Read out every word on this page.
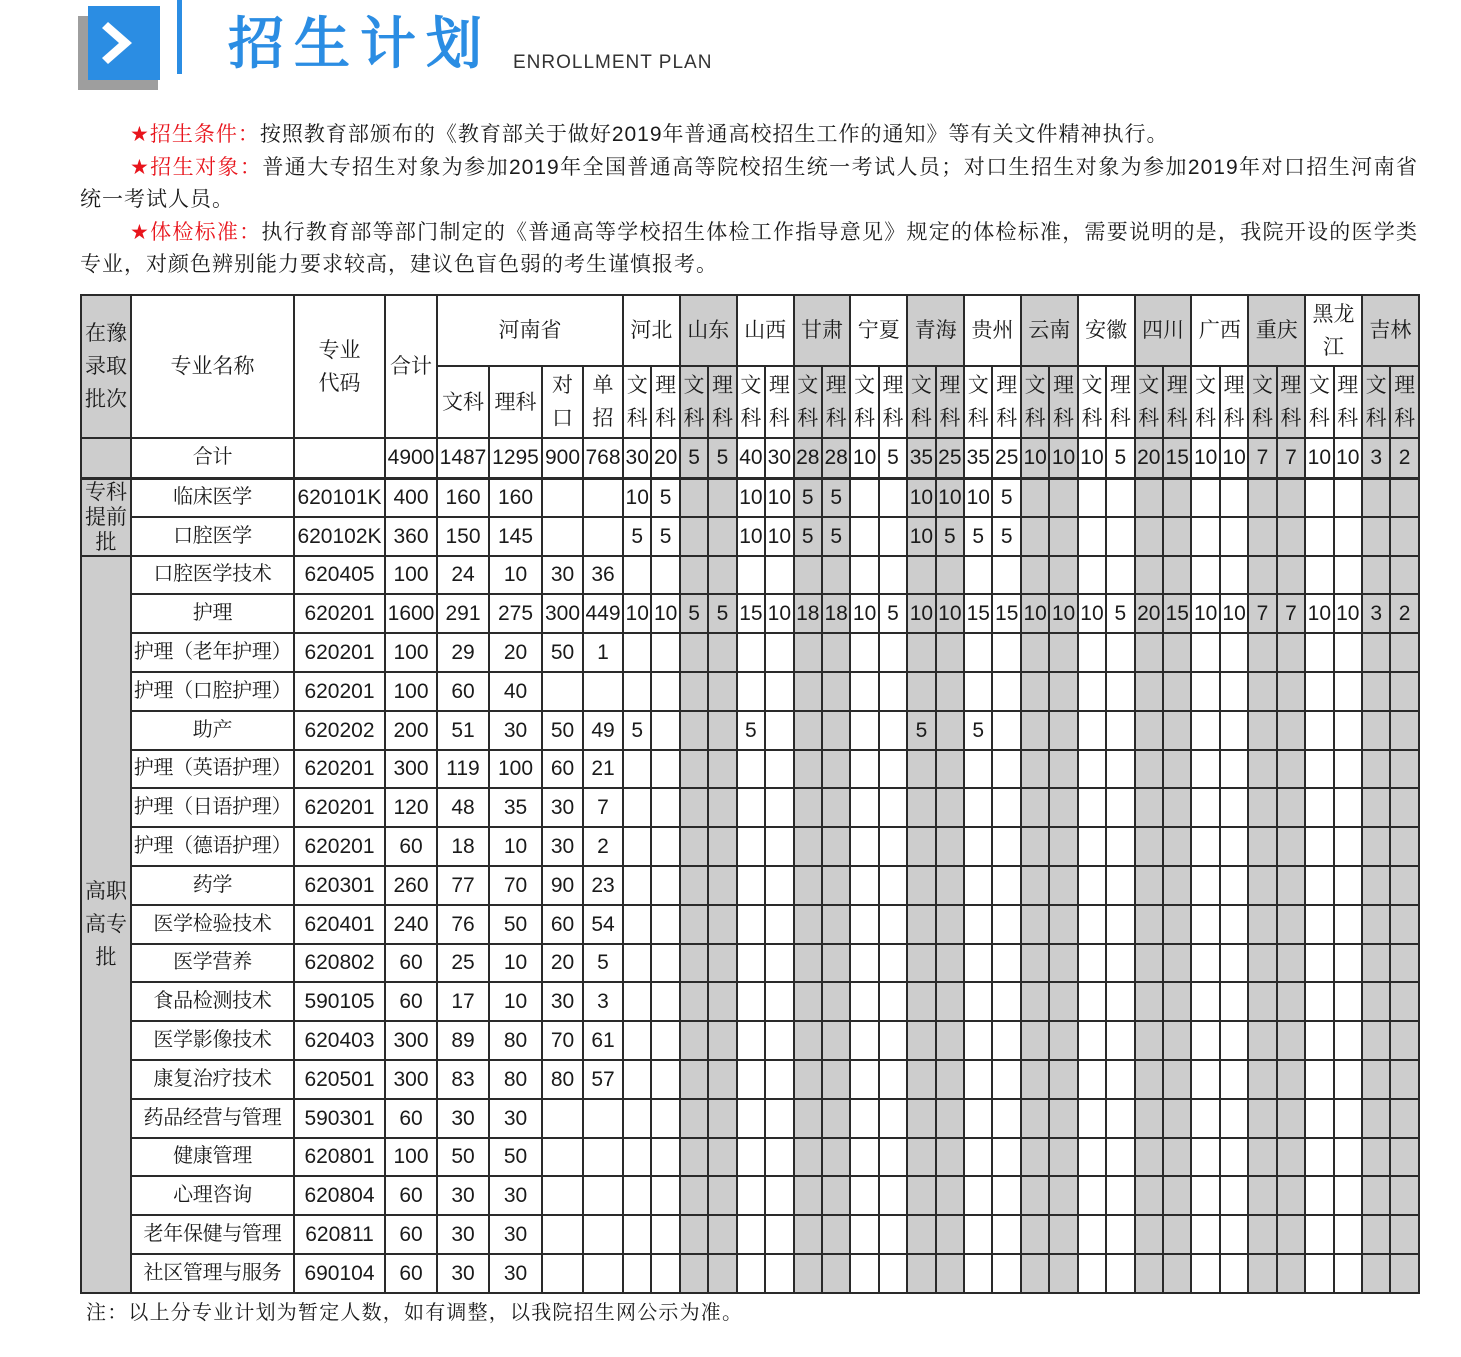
招生计划 ENROLLMENT PLAN
★招生条件：按照教育部颁布的《教育部关于做好2019年普通高校招生工作的通知》等有关文件精神执行。
★招生对象：普通大专招生对象为参加2019年全国普通高等院校招生统一考试人员；对口生招生对象为参加2019年对口招生河南省
统一考试人员。
★体检标准：执行教育部等部门制定的《普通高等学校招生体检工作指导意见》规定的体检标准，需要说明的是，我院开设的医学类
专业，对颜色辨别能力要求较高，建议色盲色弱的考生谨慎报考。
在豫录取批次	专业名称	专业代码	合计	河南省				河北		山东		山西		甘肃		宁夏		青海		贵州		云南		安徽		四川		广西		重庆		黑龙江		吉林	
				文科	理科	对口	单招	文科	理科	文科	理科	文科	理科	文科	理科	文科	理科	文科	理科	文科	理科	文科	理科	文科	理科	文科	理科	文科	理科	文科	理科	文科	理科	文科	理科
	合计		4900	1487	1295	900	768	30	20	5	5	40	30	28	28	10	5	35	25	35	25	10	10	10	5	20	15	10	10	7	7	10	10	3	2
专科提前批	临床医学	620101K	400	160	160			10	5			10	10	5	5			10	10	10	5														
	口腔医学	620102K	360	150	145			5	5			10	10	5	5			10	5	5	5														
高职高专批	口腔医学技术	620405	100	24	10	30	36																												
	护理	620201	1600	291	275	300	449	10	10	5	5	15	10	18	18	10	5	10	10	15	15	10	10	10	5	20	15	10	10	7	7	10	10	3	2
	护理（老年护理）	620201	100	29	20	50	1																												
	护理（口腔护理）	620201	100	60	40																														
	助产	620202	200	51	30	50	49	5				5						5		5															
	护理（英语护理）	620201	300	119	100	60	21																												
	护理（日语护理）	620201	120	48	35	30	7																												
	护理（德语护理）	620201	60	18	10	30	2																												
	药学	620301	260	77	70	90	23																												
	医学检验技术	620401	240	76	50	60	54																												
	医学营养	620802	60	25	10	20	5																												
	食品检测技术	590105	60	17	10	30	3																												
	医学影像技术	620403	300	89	80	70	61																												
	康复治疗技术	620501	300	83	80	80	57																												
	药品经营与管理	590301	60	30	30																														
	健康管理	620801	100	50	50																														
	心理咨询	620804	60	30	30																														
	老年保健与管理	620811	60	30	30																														
	社区管理与服务	690104	60	30	30																														
注：以上分专业计划为暂定人数，如有调整，以我院招生网公示为准。
